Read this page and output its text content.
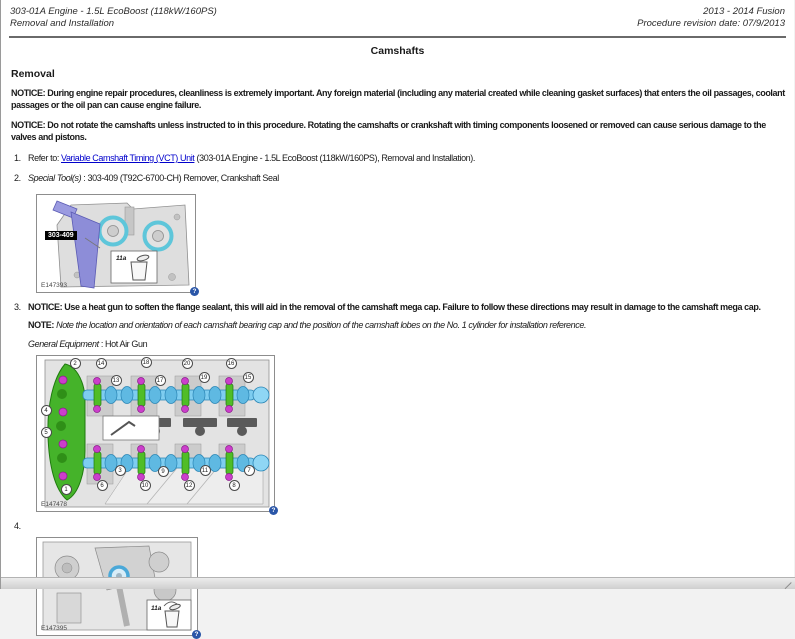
303-01A Engine - 1.5L EcoBoost (118kW/160PS)
Removal and Installation
2013 - 2014 Fusion
Procedure revision date: 07/9/2013
Camshafts
Removal

NOTICE: During engine repair procedures, cleanliness is extremely important. Any foreign material (including any material created while cleaning gasket surfaces) that enters the oil passages, coolant passages or the oil pan can cause engine failure.

NOTICE: Do not rotate the camshafts unless instructed to in this procedure. Rotating the camshafts or crankshaft with timing components loosened or removed can cause serious damage to the valves and pistons.

1. Refer to: Variable Camshaft Timing (VCT) Unit (303-01A Engine - 1.5L EcoBoost (118kW/160PS), Removal and Installation).
2. Special Tool(s) : 303-409 (T92C-6700-CH) Remover, Crankshaft Seal
303-409
11a
E147393
?
3. NOTICE: Use a heat gun to soften the flange sealant, this will aid in the removal of the camshaft mega cap. Failure to follow these directions may result in damage to the camshaft mega cap.
NOTE: Note the location and orientation of each camshaft bearing cap and the position of the camshaft lobes on the No. 1 cylinder for installation reference.
General Equipment : Hot Air Gun
E147478
?
2	14	18	20	16
13	17	19	15
4
5
1
6
3
10
9
12
11
8
7
4.
11a
E147395
?
